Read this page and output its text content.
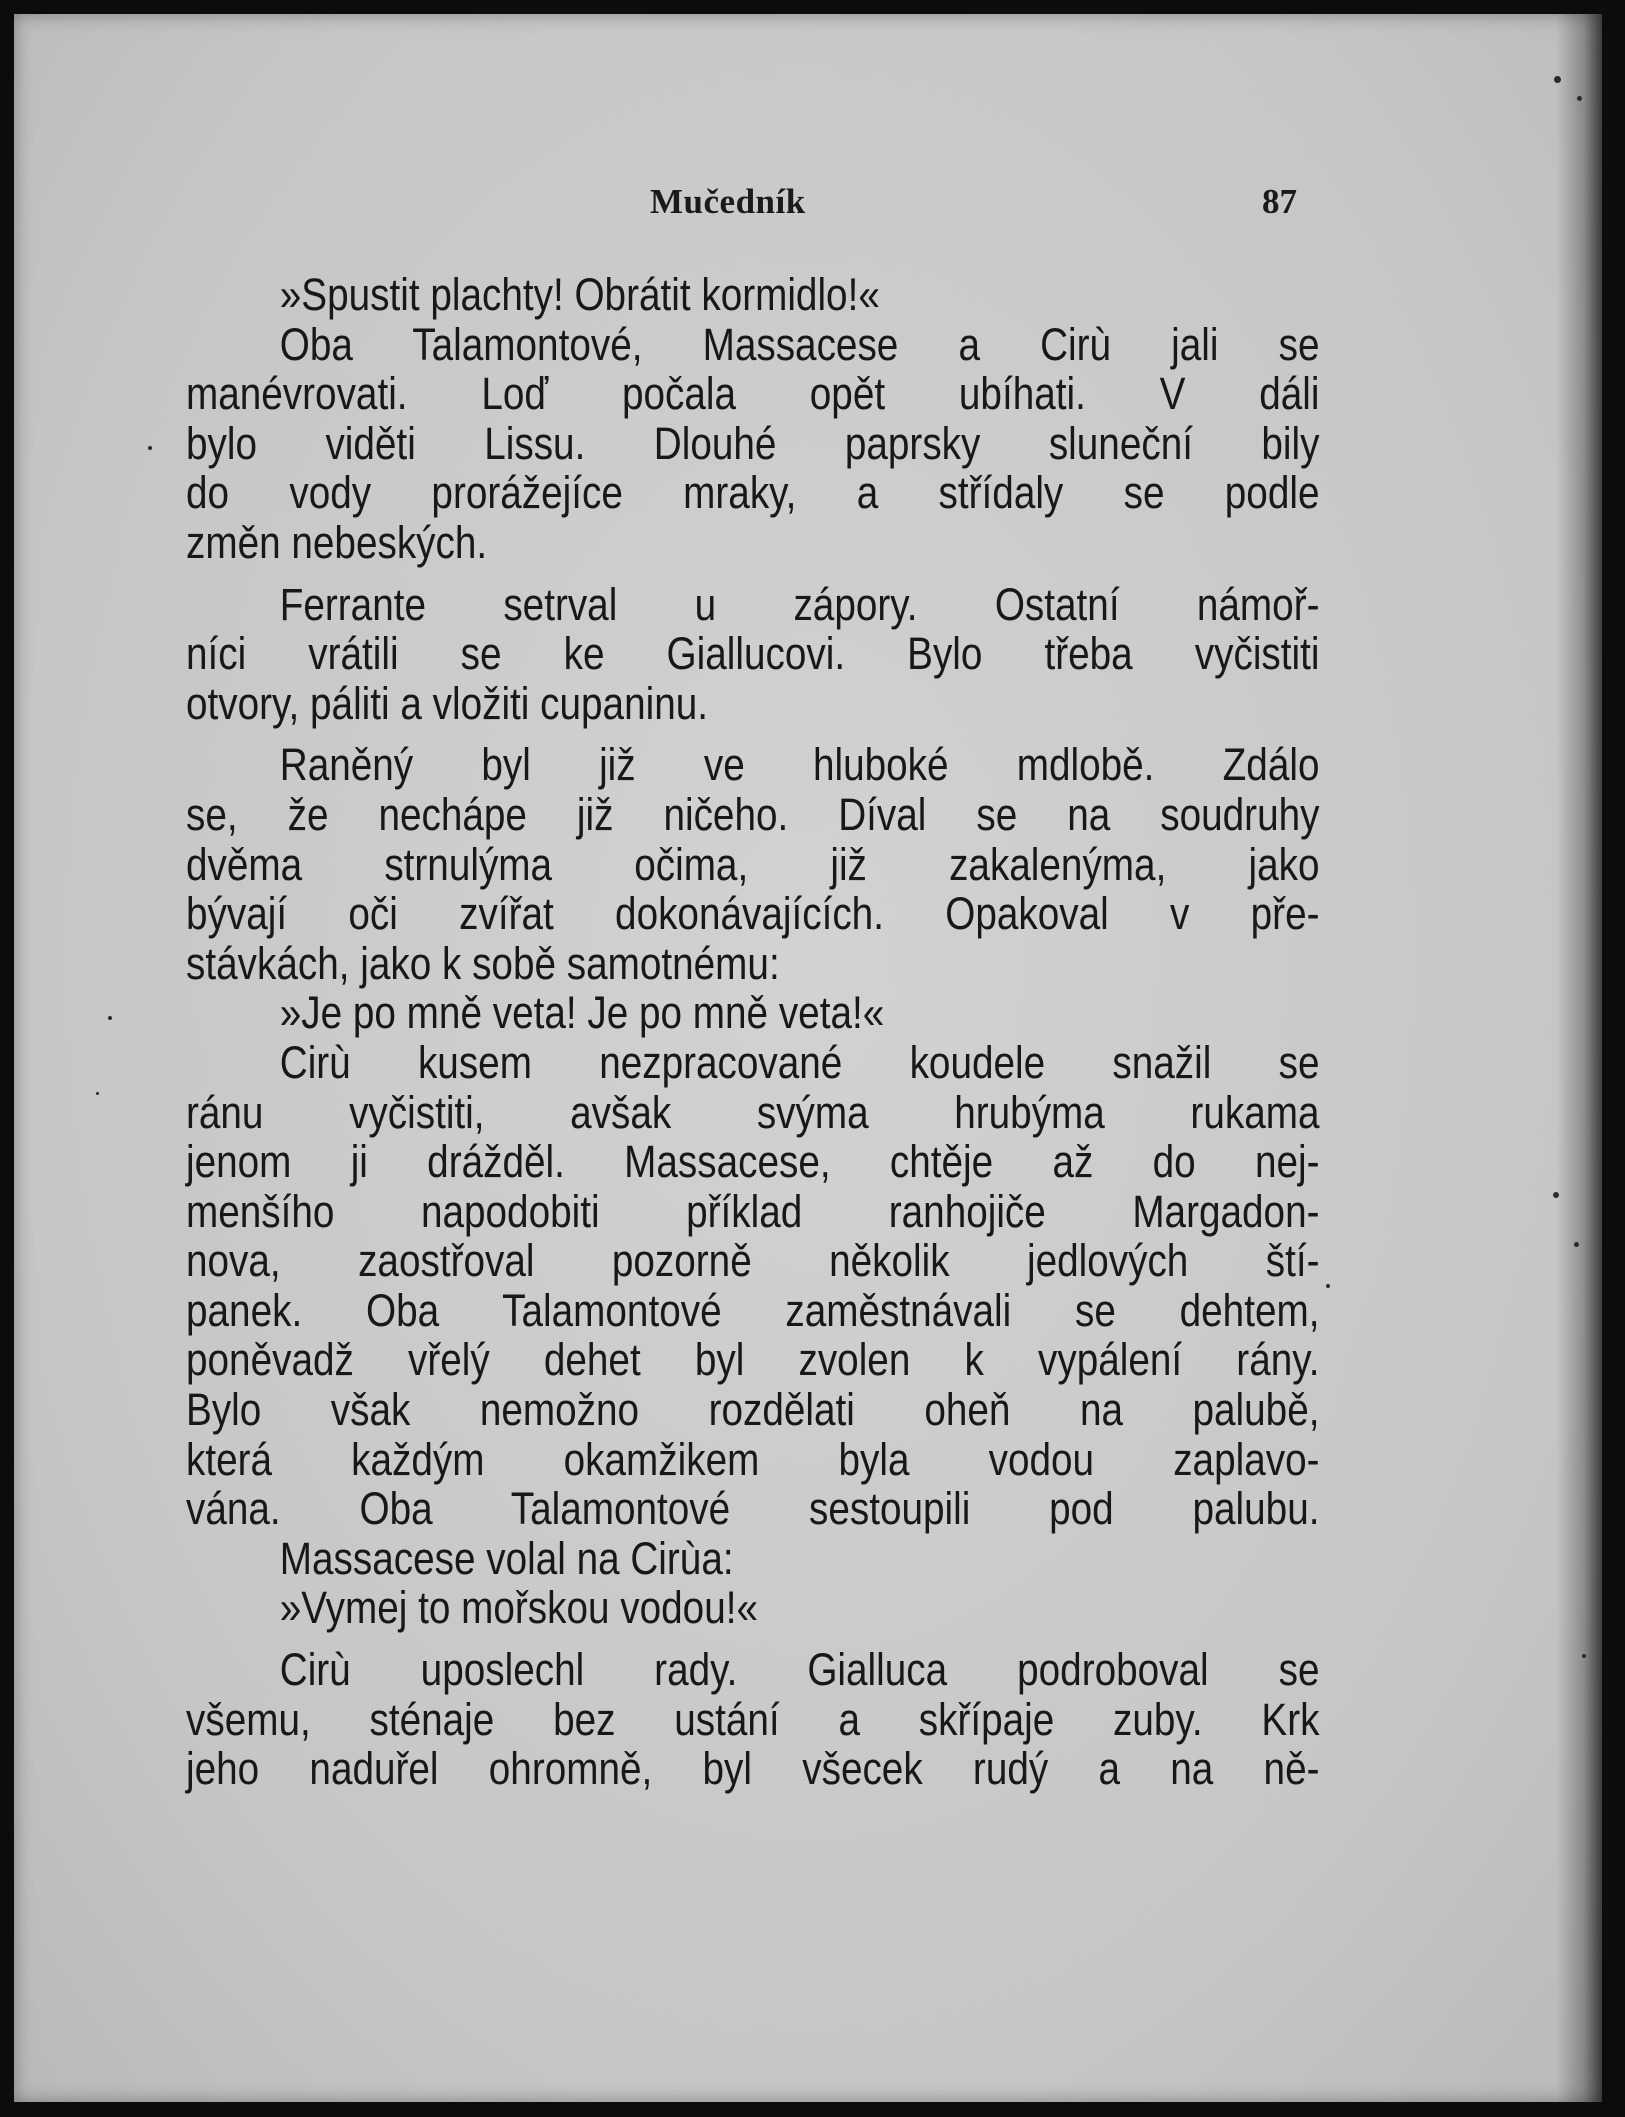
Mučedník	87
»Spustit plachty! Obrátit kormidlo!«
Oba Talamontové, Massacese a Cirù jali se
manévrovati. Loď počala opět ubíhati. V dáli
bylo viděti Lissu. Dlouhé paprsky sluneční bily
do vody prorážejíce mraky, a střídaly se podle
změn nebeských.
Ferrante setrval u zápory. Ostatní námoř-
níci vrátili se ke Giallucovi. Bylo třeba vyčistiti
otvory, páliti a vložiti cupaninu.
Raněný byl již ve hluboké mdlobě. Zdálo
se, že nechápe již ničeho. Díval se na soudruhy
dvěma strnulýma očima, již zakalenýma, jako
bývají oči zvířat dokonávajících. Opakoval v pře-
stávkách, jako k sobě samotnému:
»Je po mně veta! Je po mně veta!«
Cirù kusem nezpracované koudele snažil se
ránu vyčistiti, avšak svýma hrubýma rukama
jenom ji drážděl. Massacese, chtěje až do nej-
menšího napodobiti příklad ranhojiče Margadon-
nova, zaostřoval pozorně několik jedlových ští-
panek. Oba Talamontové zaměstnávali se dehtem,
poněvadž vřelý dehet byl zvolen k vypálení rány.
Bylo však nemožno rozdělati oheň na palubě,
která každým okamžikem byla vodou zaplavo-
vána. Oba Talamontové sestoupili pod palubu.
Massacese volal na Cirùa:
»Vymej to mořskou vodou!«
Cirù uposlechl rady. Gialluca podroboval se
všemu, sténaje bez ustání a skřípaje zuby. Krk
jeho naduřel ohromně, byl všecek rudý a na ně-
